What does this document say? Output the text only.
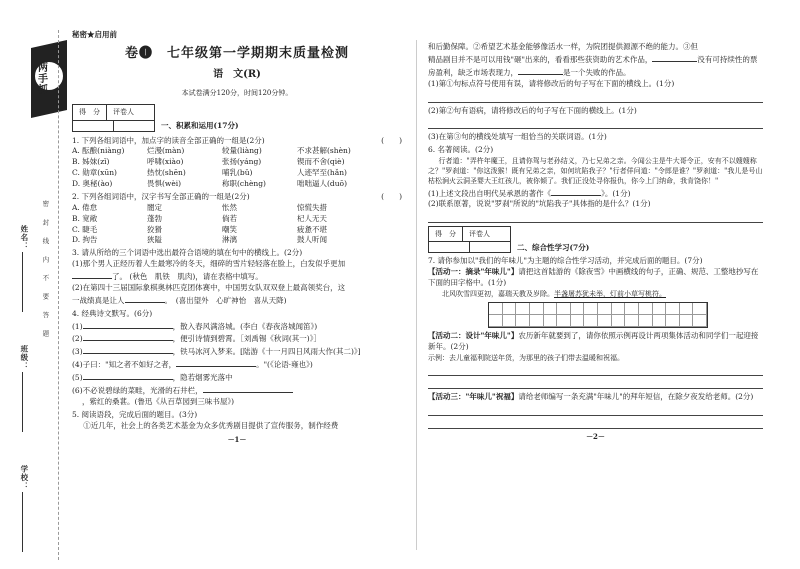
两手抓
密 封 线 内 不 要 答 题
姓名：
班级：
学校：
秘密★启用前
卷❶　七年级第一学期期末质量检测
语　文(R)
本试卷满分120分，时间120分钟。
得　分	评卷人
一、积累和运用(17分)
1. 下列各组词语中，加点字的读音全部正确的一组是(2分)	(　　)
A. 酝酿(niàng)	烂漫(màn)	较量(liàng)	不求甚解(shèn)
B. 姊妹(zǐ)	呼啸(xiào)	张扬(yáng)	锲而不舍(qiè)
C. 勋章(xūn)	热忱(shēn)	哺乳(bǔ)	人迹罕至(hǎn)
D. 奥秘(ào)	畏惧(wèi)	称职(chèng)	咄咄逼人(duō)
2. 下列各组词语中，汉字书写全部正确的一组是(2分)	(　　)
A. 倦怠	闇定	怅然	惊慌失措
B. 宽敞	蓬勃	倘若	杞人无天
C. 睫毛	狡猾	嘲笑	疲惫不堪
D. 拘告	狭隘	淋漓	鼓人听闻
3. 请从所给的三个词语中选出最符合语境的填在句中的横线上。(2分)
(1)那个男人正经历着人生最寒冷的冬天，细碎的雪片轻轻落在脸上，白发似乎更加
了。 (秋色　肌铁　肌肉)，请在表格中填写。
(2)在第四十三届国际象棋奥林匹克团体赛中，中国男女队双双登上最高领奖台，这
一战绩真是让人	。　(喜出望外　心旷神怡　喜从天降)
4. 经典诗文默写。(6分)
(1)	，散入春风满洛城。(李白《春夜洛城闻笛》)
(2)	，便引诗情到碧霄。［刘禹锡《秋词(其一)》］
(3)	，铁马冰河入梦来。[陆游《十一月四日风雨大作(其二)》]
(4)子曰："知之者不如好之者，	。"(《论语·雍也》)
(5)	，隐若烟雾光落中
(6)不必说碧绿的菜畦，光滑的石井栏，
，紫红的桑葚。(鲁迅《从百草园到三味书屋》)
5. 阅读语段，完成后面的题目。(3分)
①近几年，社会上的各类艺术基金为众多优秀剧目提供了宣传服务，制作经费
－1－
和后勤保障。②希望艺术基金能够像活水一样，为院团提供源源不绝的能力。③但
精品剧目并不是可以用钱"砸"出来的，看看那些获资助的艺术作品，	没有可持续性的票
房盈利，缺乏市场表现力，	是一个失败的作品。
(1)第①句标点符号使用有误，请将修改后的句子写在下面的横线上。(1分)
(2)第②句有语病，请将修改后的句子写在下面的横线上。(1分)
(3)在第③句的横线处填写一组恰当的关联词语。(1分)
6. 名著阅读。(2分)
行者道："弄杵年魔王，且请你驾与老孙结义，乃七兄弟之亲。今闻公主是牛大哥令正，安有不以嫂嫂称之？"罗刹道："你这泼猴！既有兄弟之亲，如何坑陷我子？"行者佯问道："令郎是谁？"罗刹道："我儿是号山枯松涧火云洞圣婴大王红孩儿，被你倾了。我们正没处寻你报仇，你今上门纳命，我肯饶你！"
(1)上述文段出自明代吴承恩的著作《	》。(1分)
(2)联系原著，说说"罗刹"所说的"坑陷我子"具体指的是什么？(1分)
得　分	评卷人
二、综合性学习(7分)
7. 请你参加以"我们的年味儿"为主题的综合性学习活动，并完成后面的题目。(7分)
【活动一：摘录"年味儿"】请把这首陆游的《除夜雪》中画横线的句子，正确、规范、工整地抄写在下面的田字格中。(1分)
北风吹雪四更初，嘉瑞天教及岁除。半盏屠苏犹未举，灯前小草写桃符。
【活动二：设计"年味儿"】农历新年就要到了，请你依照示例再设计两项集体活动和同学们一起迎接新年。(2分)
示例：去儿童福利院送年货，为那里的孩子们带去温暖和祝福。
【活动三："年味儿"祝福】请给老师编写一条充满"年味儿"的拜年短信，在除夕夜发给老师。(2分)
－2－
